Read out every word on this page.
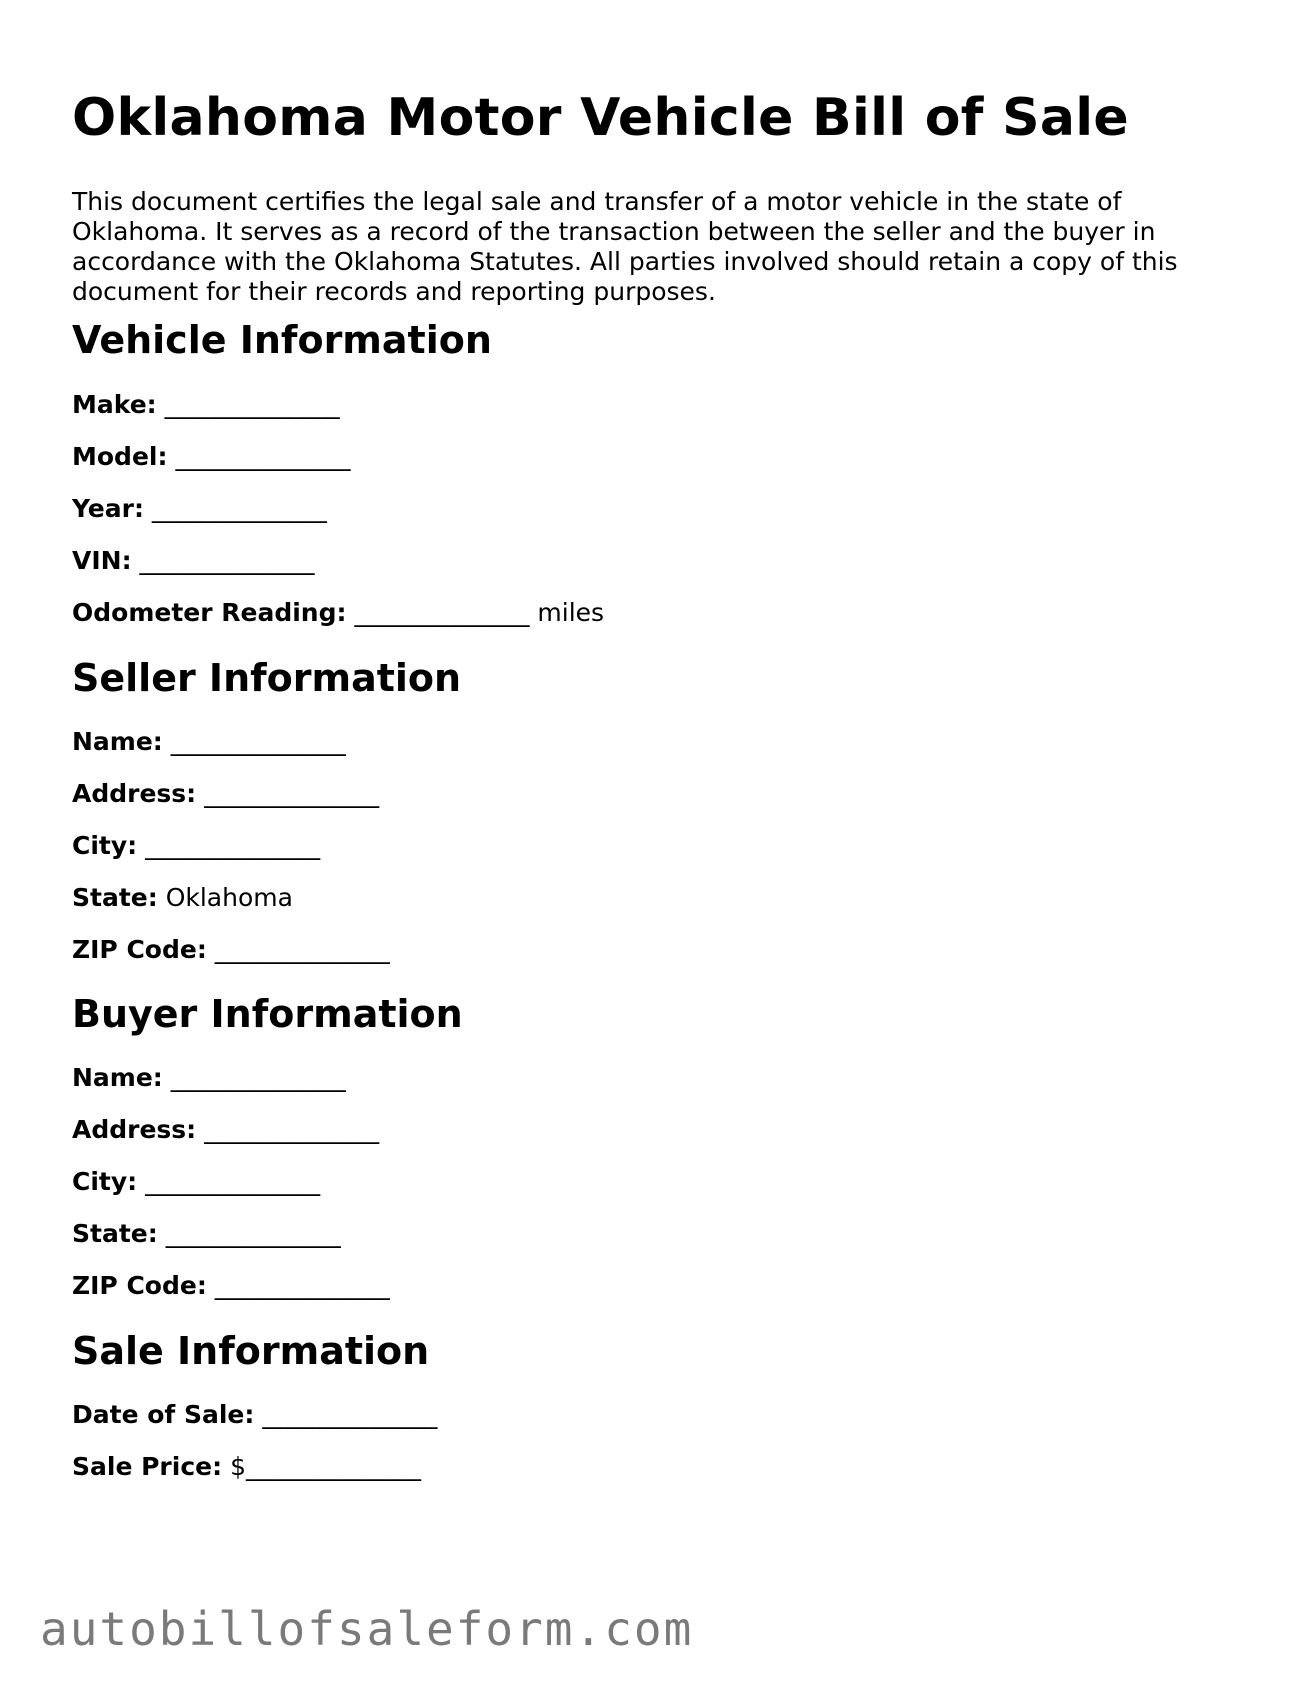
Oklahoma Motor Vehicle Bill of Sale

This document certifies the legal sale and transfer of a motor vehicle in the state of Oklahoma. It serves as a record of the transaction between the seller and the buyer in accordance with the Oklahoma Statutes. All parties involved should retain a copy of this document for their records and reporting purposes.

Vehicle Information

Make: ______________

Model: ______________

Year: ______________

VIN: ______________

Odometer Reading: ______________ miles

Seller Information

Name: ______________

Address: ______________

City: ______________

State: Oklahoma

ZIP Code: ______________

Buyer Information

Name: ______________

Address: ______________

City: ______________

State: ______________

ZIP Code: ______________

Sale Information

Date of Sale: ______________

Sale Price: $______________

autobillofsaleform.com
